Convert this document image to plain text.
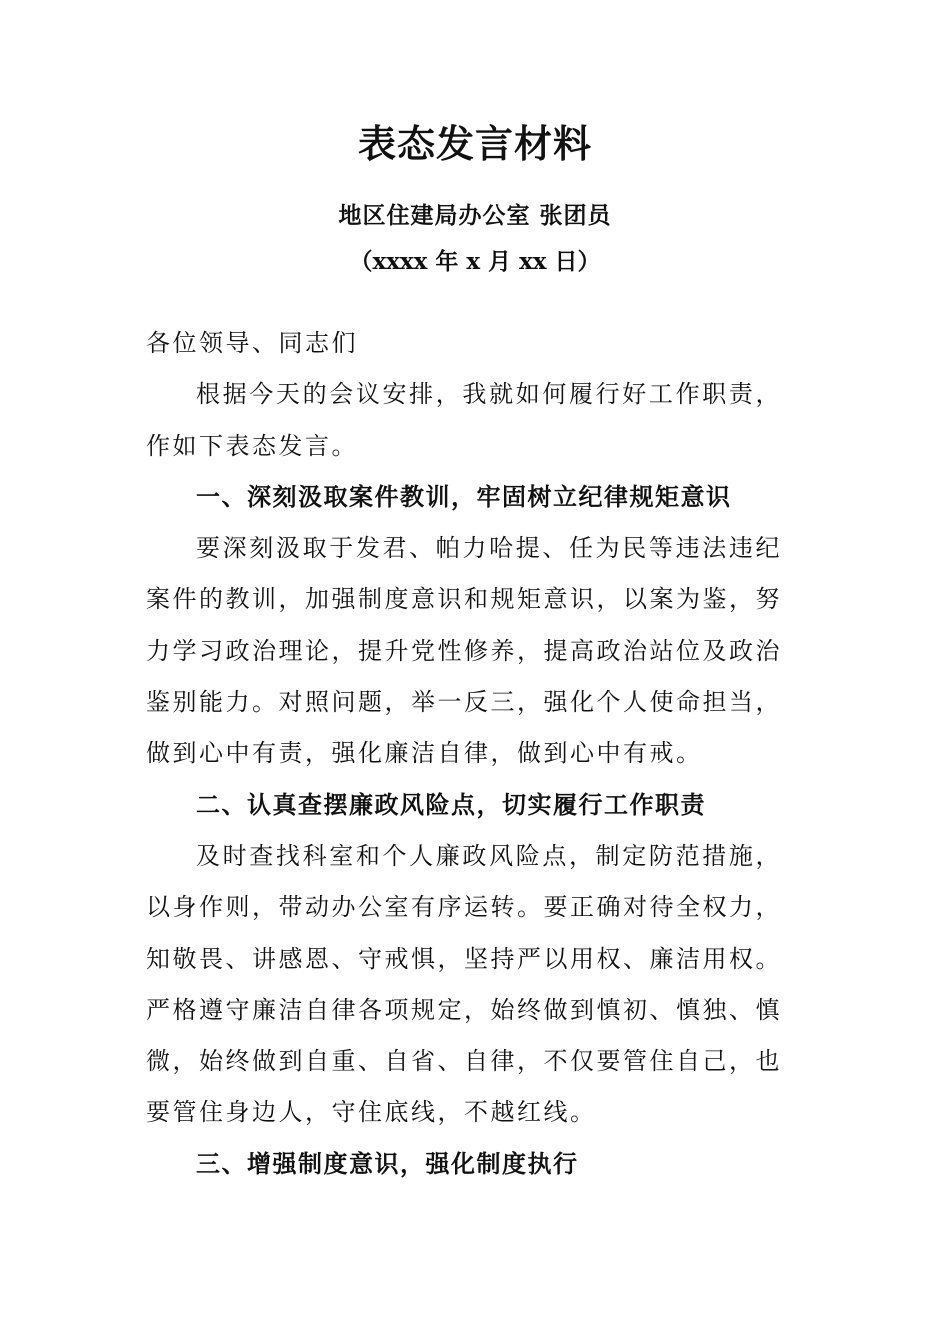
表态发言材料
地区住建局办公室 张团员
（xxxx 年 x 月 xx 日）

各位领导、同志们

根据今天的会议安排，我就如何履行好工作职责，作如下表态发言。

一、深刻汲取案件教训，牢固树立纪律规矩意识

要深刻汲取于发君、帕力哈提、任为民等违法违纪案件的教训，加强制度意识和规矩意识，以案为鉴，努力学习政治理论，提升党性修养，提高政治站位及政治鉴别能力。对照问题，举一反三，强化个人使命担当，做到心中有责，强化廉洁自律，做到心中有戒。

二、认真查摆廉政风险点，切实履行工作职责

及时查找科室和个人廉政风险点，制定防范措施，以身作则，带动办公室有序运转。要正确对待全权力，知敬畏、讲感恩、守戒惧，坚持严以用权、廉洁用权。严格遵守廉洁自律各项规定，始终做到慎初、慎独、慎微，始终做到自重、自省、自律，不仅要管住自己，也要管住身边人，守住底线，不越红线。

三、增强制度意识，强化制度执行
